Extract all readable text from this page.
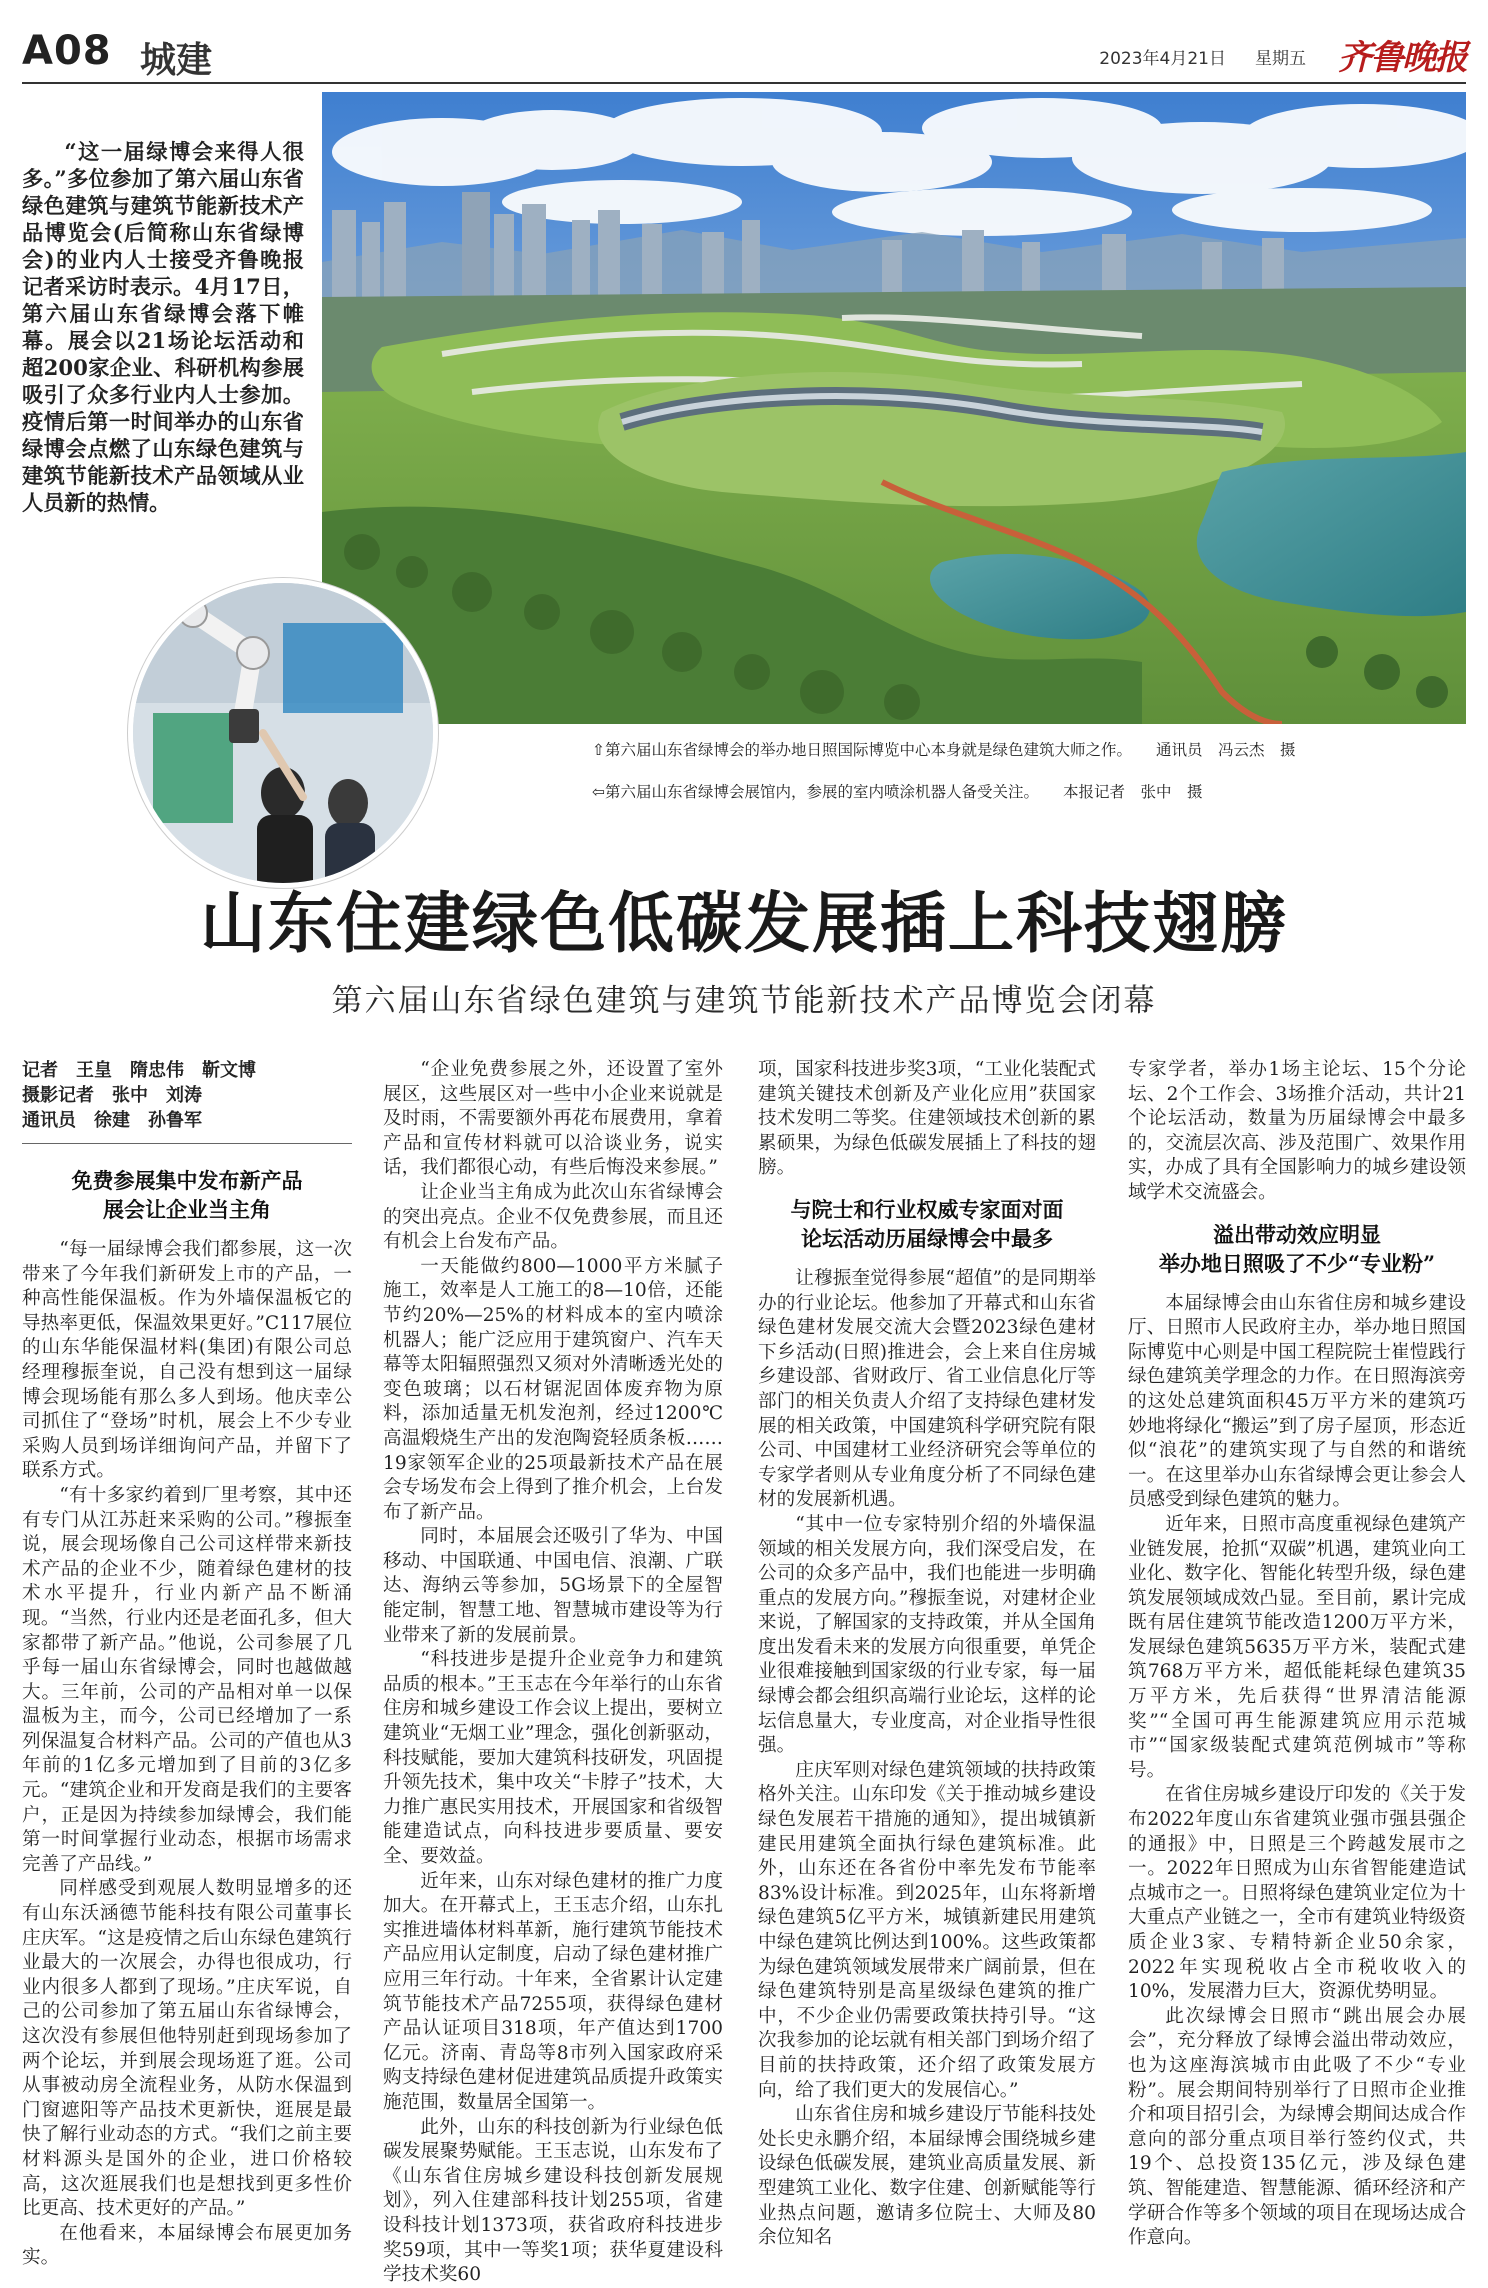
A08 城建	2023年4月21日 星期五 齐鲁晚报
“这一届绿博会来得人很多。”多位参加了第六届山东省绿色建筑与建筑节能新技术产品博览会(后简称山东省绿博会)的业内人士接受齐鲁晚报记者采访时表示。4月17日，第六届山东省绿博会落下帷幕。展会以21场论坛活动和超200家企业、科研机构参展吸引了众多行业内人士参加。疫情后第一时间举办的山东省绿博会点燃了山东绿色建筑与建筑节能新技术产品领域从业人员新的热情。
⇧第六届山东省绿博会的举办地日照国际博览中心本身就是绿色建筑大师之作。 通讯员　冯云杰　摄
⇦第六届山东省绿博会展馆内，参展的室内喷涂机器人备受关注。 本报记者　张中　摄
山东住建绿色低碳发展插上科技翅膀
第六届山东省绿色建筑与建筑节能新技术产品博览会闭幕
记者　王皇　隋忠伟　靳文博
摄影记者　张中　刘涛
通讯员　徐建　孙鲁军
免费参展集中发布新产品
展会让企业当主角

“每一届绿博会我们都参展，这一次带来了今年我们新研发上市的产品，一种高性能保温板。作为外墙保温板它的导热率更低，保温效果更好。”C117展位的山东华能保温材料(集团)有限公司总经理穆振奎说，自己没有想到这一届绿博会现场能有那么多人到场。他庆幸公司抓住了“登场”时机，展会上不少专业采购人员到场详细询问产品，并留下了联系方式。

“有十多家约着到厂里考察，其中还有专门从江苏赶来采购的公司。”穆振奎说，展会现场像自己公司这样带来新技术产品的企业不少，随着绿色建材的技术水平提升，行业内新产品不断涌现。“当然，行业内还是老面孔多，但大家都带了新产品。”他说，公司参展了几乎每一届山东省绿博会，同时也越做越大。三年前，公司的产品相对单一以保温板为主，而今，公司已经增加了一系列保温复合材料产品。公司的产值也从3年前的1亿多元增加到了目前的3亿多元。“建筑企业和开发商是我们的主要客户，正是因为持续参加绿博会，我们能第一时间掌握行业动态，根据市场需求完善了产品线。”

同样感受到观展人数明显增多的还有山东沃涵德节能科技有限公司董事长庄庆军。“这是疫情之后山东绿色建筑行业最大的一次展会，办得也很成功，行业内很多人都到了现场。”庄庆军说，自己的公司参加了第五届山东省绿博会，这次没有参展但他特别赶到现场参加了两个论坛，并到展会现场逛了逛。公司从事被动房全流程业务，从防水保温到门窗遮阳等产品技术更新快，逛展是最快了解行业动态的方式。“我们之前主要材料源头是国外的企业，进口价格较高，这次逛展我们也是想找到更多性价比更高、技术更好的产品。”

在他看来，本届绿博会布展更加务实。

“企业免费参展之外，还设置了室外展区，这些展区对一些中小企业来说就是及时雨，不需要额外再花布展费用，拿着产品和宣传材料就可以洽谈业务，说实话，我们都很心动，有些后悔没来参展。”

让企业当主角成为此次山东省绿博会的突出亮点。企业不仅免费参展，而且还有机会上台发布产品。

一天能做约800—1000平方米腻子施工，效率是人工施工的8—10倍，还能节约20%—25%的材料成本的室内喷涂机器人；能广泛应用于建筑窗户、汽车天幕等太阳辐照强烈又须对外清晰透光处的变色玻璃；以石材锯泥固体废弃物为原料，添加适量无机发泡剂，经过1200℃高温煅烧生产出的发泡陶瓷轻质条板……19家领军企业的25项最新技术产品在展会专场发布会上得到了推介机会，上台发布了新产品。

同时，本届展会还吸引了华为、中国移动、中国联通、中国电信、浪潮、广联达、海纳云等参加，5G场景下的全屋智能定制，智慧工地、智慧城市建设等为行业带来了新的发展前景。

“科技进步是提升企业竞争力和建筑品质的根本。”王玉志在今年举行的山东省住房和城乡建设工作会议上提出，要树立建筑业“无烟工业”理念，强化创新驱动，科技赋能，要加大建筑科技研发，巩固提升领先技术，集中攻关“卡脖子”技术，大力推广惠民实用技术，开展国家和省级智能建造试点，向科技进步要质量、要安全、要效益。

近年来，山东对绿色建材的推广力度加大。在开幕式上，王玉志介绍，山东扎实推进墙体材料革新，施行建筑节能技术产品应用认定制度，启动了绿色建材推广应用三年行动。十年来，全省累计认定建筑节能技术产品7255项，获得绿色建材产品认证项目318项，年产值达到1700亿元。济南、青岛等8市列入国家政府采购支持绿色建材促进建筑品质提升政策实施范围，数量居全国第一。

此外，山东的科技创新为行业绿色低碳发展聚势赋能。王玉志说，山东发布了《山东省住房城乡建设科技创新发展规划》，列入住建部科技计划255项，省建设科技计划1373项，获省政府科技进步奖59项，其中一等奖1项；获华夏建设科学技术奖60

项，国家科技进步奖3项，“工业化装配式建筑关键技术创新及产业化应用”获国家技术发明二等奖。住建领域技术创新的累累硕果，为绿色低碳发展插上了科技的翅膀。

与院士和行业权威专家面对面
论坛活动历届绿博会中最多

让穆振奎觉得参展“超值”的是同期举办的行业论坛。他参加了开幕式和山东省绿色建材发展交流大会暨2023绿色建材下乡活动(日照)推进会，会上来自住房城乡建设部、省财政厅、省工业信息化厅等部门的相关负责人介绍了支持绿色建材发展的相关政策，中国建筑科学研究院有限公司、中国建材工业经济研究会等单位的专家学者则从专业角度分析了不同绿色建材的发展新机遇。

“其中一位专家特别介绍的外墙保温领域的相关发展方向，我们深受启发，在公司的众多产品中，我们也能进一步明确重点的发展方向。”穆振奎说，对建材企业来说，了解国家的支持政策，并从全国角度出发看未来的发展方向很重要，单凭企业很难接触到国家级的行业专家，每一届绿博会都会组织高端行业论坛，这样的论坛信息量大，专业度高，对企业指导性很强。

庄庆军则对绿色建筑领域的扶持政策格外关注。山东印发《关于推动城乡建设绿色发展若干措施的通知》，提出城镇新建民用建筑全面执行绿色建筑标准。此外，山东还在各省份中率先发布节能率83%设计标准。到2025年，山东将新增绿色建筑5亿平方米，城镇新建民用建筑中绿色建筑比例达到100%。这些政策都为绿色建筑领域发展带来广阔前景，但在绿色建筑特别是高星级绿色建筑的推广中，不少企业仍需要政策扶持引导。“这次我参加的论坛就有相关部门到场介绍了目前的扶持政策，还介绍了政策发展方向，给了我们更大的发展信心。”

山东省住房和城乡建设厅节能科技处处长史永鹏介绍，本届绿博会围绕城乡建设绿色低碳发展，建筑业高质量发展、新型建筑工业化、数字住建、创新赋能等行业热点问题，邀请多位院士、大师及80余位知名

专家学者，举办1场主论坛、15个分论坛、2个工作会、3场推介活动，共计21个论坛活动，数量为历届绿博会中最多的，交流层次高、涉及范围广、效果作用实，办成了具有全国影响力的城乡建设领域学术交流盛会。

溢出带动效应明显
举办地日照吸了不少“专业粉”

本届绿博会由山东省住房和城乡建设厅、日照市人民政府主办，举办地日照国际博览中心则是中国工程院院士崔愷践行绿色建筑美学理念的力作。在日照海滨旁的这处总建筑面积45万平方米的建筑巧妙地将绿化“搬运”到了房子屋顶，形态近似“浪花”的建筑实现了与自然的和谐统一。在这里举办山东省绿博会更让参会人员感受到绿色建筑的魅力。

近年来，日照市高度重视绿色建筑产业链发展，抢抓“双碳”机遇，建筑业向工业化、数字化、智能化转型升级，绿色建筑发展领域成效凸显。至目前，累计完成既有居住建筑节能改造1200万平方米，发展绿色建筑5635万平方米，装配式建筑768万平方米，超低能耗绿色建筑35万平方米，先后获得“世界清洁能源奖”“全国可再生能源建筑应用示范城市”“国家级装配式建筑范例城市”等称号。

在省住房城乡建设厅印发的《关于发布2022年度山东省建筑业强市强县强企的通报》中，日照是三个跨越发展市之一。2022年日照成为山东省智能建造试点城市之一。日照将绿色建筑业定位为十大重点产业链之一，全市有建筑业特级资质企业3家、专精特新企业50余家，2022年实现税收占全市税收收入的10%，发展潜力巨大，资源优势明显。

此次绿博会日照市“跳出展会办展会”，充分释放了绿博会溢出带动效应，也为这座海滨城市由此吸了不少“专业粉”。展会期间特别举行了日照市企业推介和项目招引会，为绿博会期间达成合作意向的部分重点项目举行签约仪式，共19个、总投资135亿元，涉及绿色建筑、智能建造、智慧能源、循环经济和产学研合作等多个领域的项目在现场达成合作意向。
